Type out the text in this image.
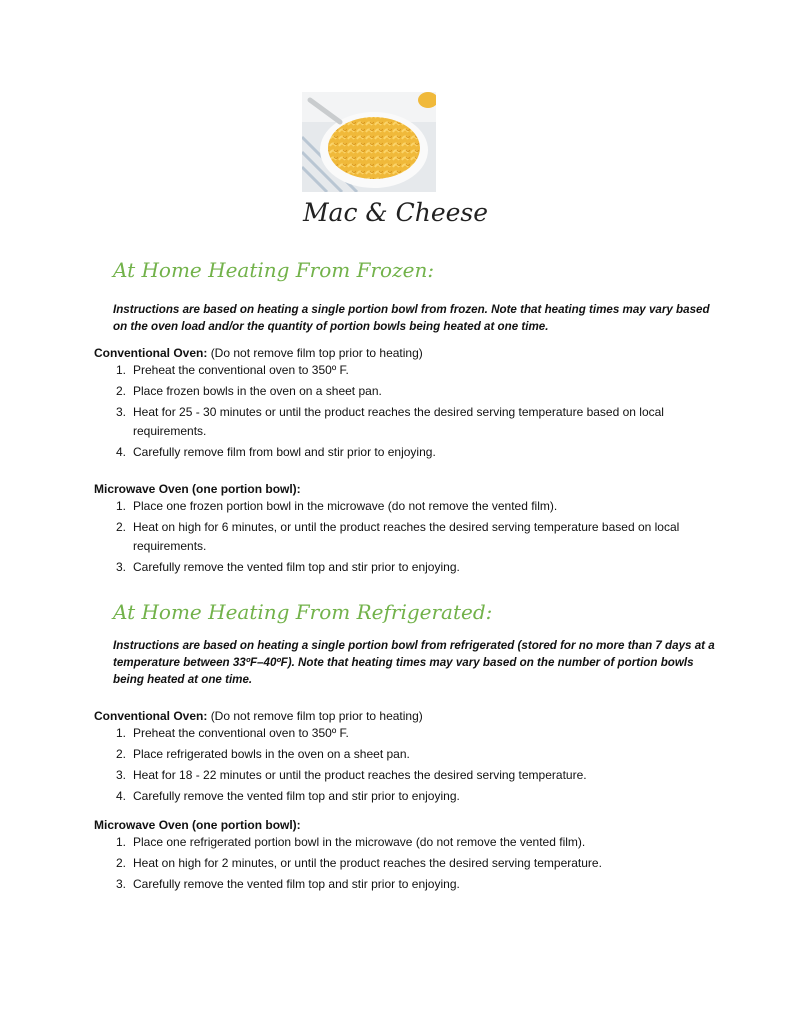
Mac & Cheese
At Home Heating From Frozen:
Instructions are based on heating a single portion bowl from frozen. Note that heating times may vary based on the oven load and/or the quantity of portion bowls being heated at one time.
Conventional Oven: (Do not remove film top prior to heating)
1. Preheat the conventional oven to 350º F.
2. Place frozen bowls in the oven on a sheet pan.
3. Heat for 25 - 30 minutes or until the product reaches the desired serving temperature based on local requirements.
4. Carefully remove film from bowl and stir prior to enjoying.
Microwave Oven (one portion bowl):
1. Place one frozen portion bowl in the microwave (do not remove the vented film).
2. Heat on high for 6 minutes, or until the product reaches the desired serving temperature based on local requirements.
3. Carefully remove the vented film top and stir prior to enjoying.
At Home Heating From Refrigerated:
Instructions are based on heating a single portion bowl from refrigerated (stored for no more than 7 days at a temperature between 33ºF–40ºF). Note that heating times may vary based on the number of portion bowls being heated at one time.
Conventional Oven: (Do not remove film top prior to heating)
1. Preheat the conventional oven to 350º F.
2. Place refrigerated bowls in the oven on a sheet pan.
3. Heat for 18 - 22 minutes or until the product reaches the desired serving temperature.
4. Carefully remove the vented film top and stir prior to enjoying.
Microwave Oven (one portion bowl):
1. Place one refrigerated portion bowl in the microwave (do not remove the vented film).
2. Heat on high for 2 minutes, or until the product reaches the desired serving temperature.
3. Carefully remove the vented film top and stir prior to enjoying.
